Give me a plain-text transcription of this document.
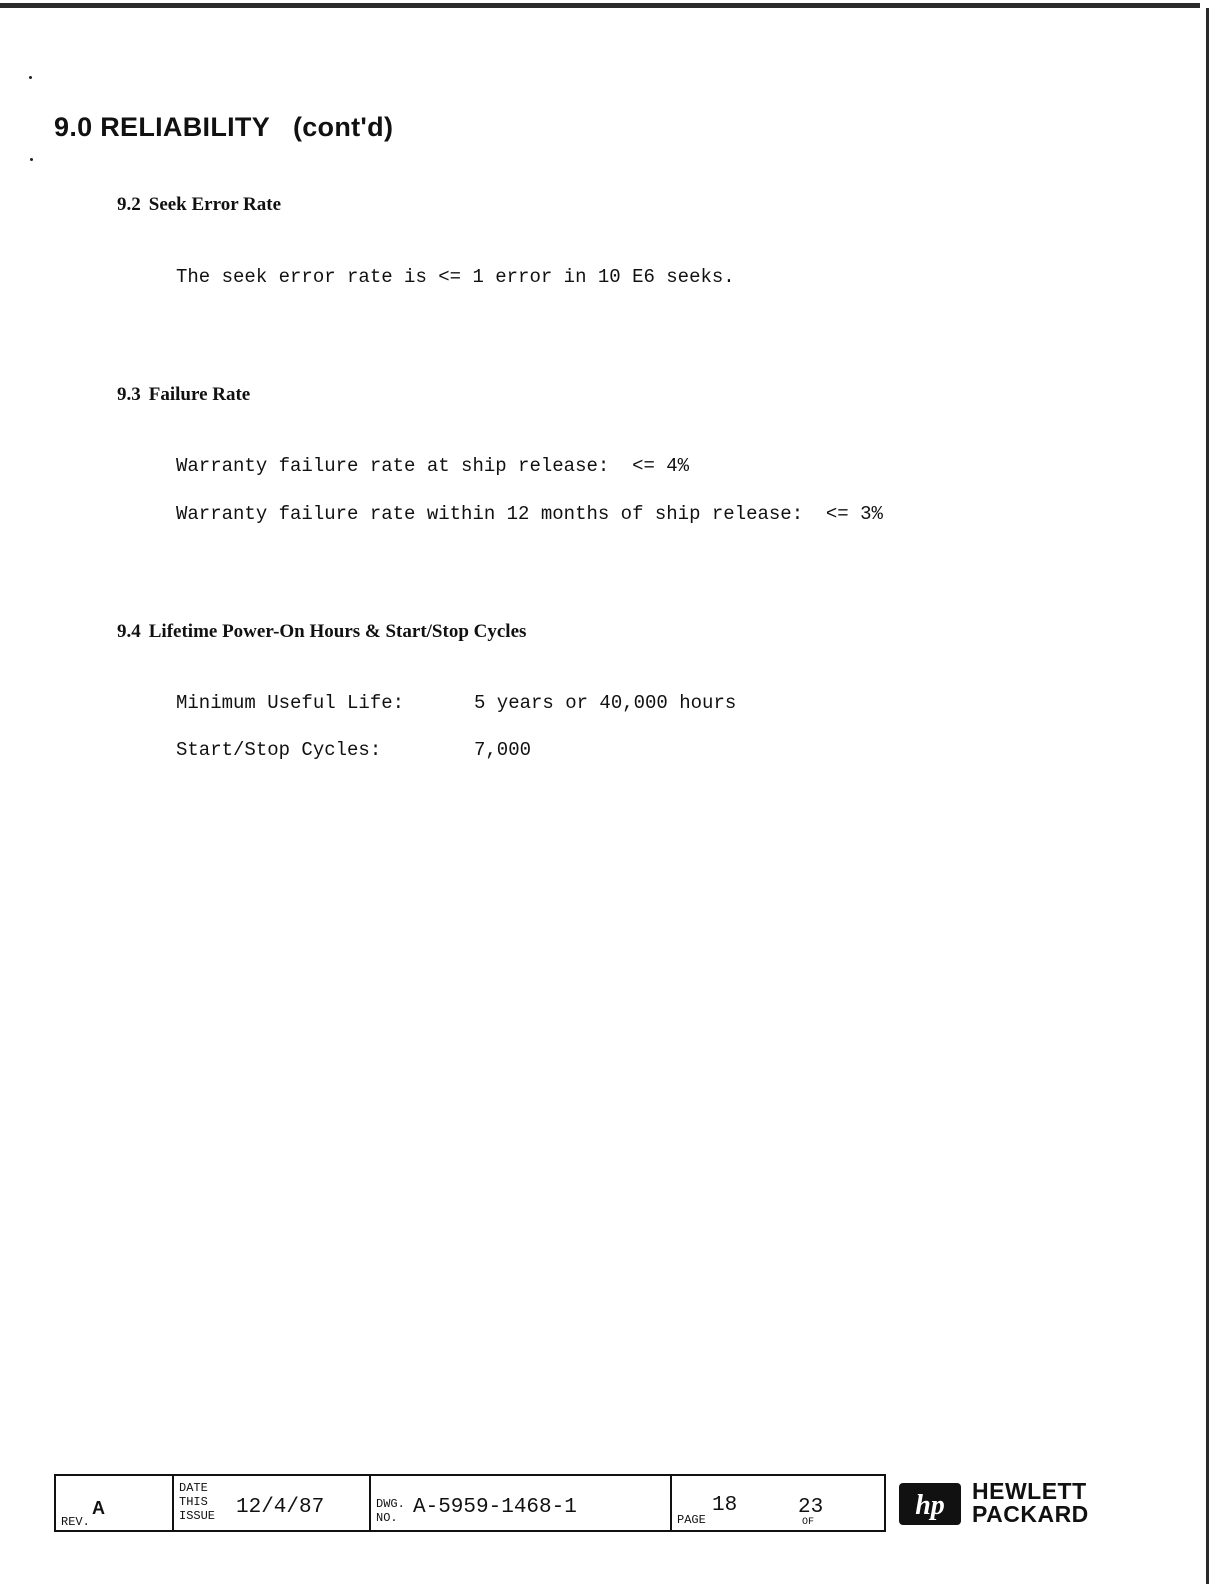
9.0 RELIABILITY   (cont'd)
9.2 Seek Error Rate

The seek error rate is <= 1 error in 10 E6 seeks.

9.3 Failure Rate

Warranty failure rate at ship release:  <= 4%

Warranty failure rate within 12 months of ship release:  <= 3%

9.4 Lifetime Power-On Hours & Start/Stop Cycles
Minimum Useful Life:	5 years or 40,000 hours
Start/Stop Cycles:	7,000
REV.
A
DATE
THIS
ISSUE 12/4/87	DWG.
NO. A-5959-1468-1
PAGE
18	23
OF
hp HEWLETT
PACKARD
